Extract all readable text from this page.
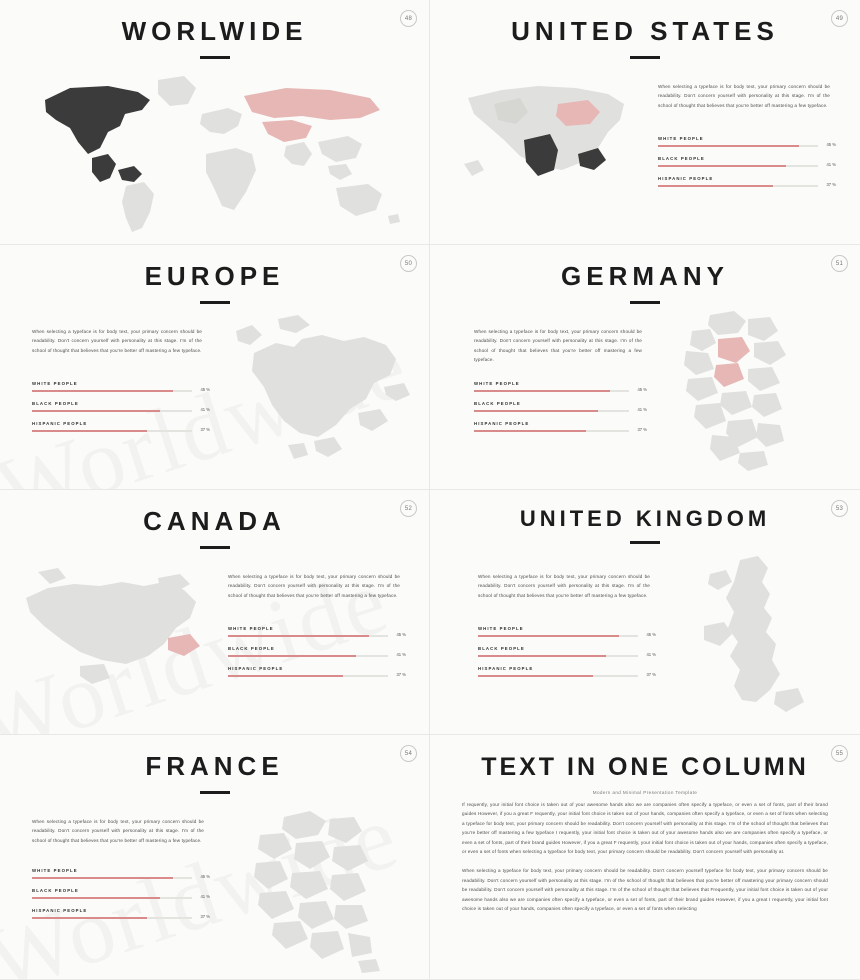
48
WORLWIDE	49
UNITED STATES
When selecting a typeface is for body text, your primary concern should be readability. Don't concern yourself with personality at this stage. I'm of the school of thought that believes that you're better off mastering a few typeface.
WHITE PEOPLE
45 %
BLACK PEOPLE
41 %
HISPANIC PEOPLE
37 %
50
EUROPE
When selecting a typeface is for body text, your primary concern should be readability. Don't concern yourself with personality at this stage. I'm of the school of thought that believes that you're better off mastering a few typeface.
WHITE PEOPLE
45 %
BLACK PEOPLE
41 %
HISPANIC PEOPLE
37 %
51
GERMANY
When selecting a typeface is for body text, your primary concern should be readability. Don't concern yourself with personality at this stage. I'm of the school of thought that believes that you're better off mastering a few typeface.
WHITE PEOPLE
45 %
BLACK PEOPLE
41 %
HISPANIC PEOPLE
37 %
52
CANADA
When selecting a typeface is for body text, your primary concern should be readability. Don't concern yourself with personality at this stage. I'm of the school of thought that believes that you're better off mastering a few typeface.
WHITE PEOPLE
45 %
BLACK PEOPLE
41 %
HISPANIC PEOPLE
37 %
53
UNITED KINGDOM
When selecting a typeface is for body text, your primary concern should be readability. Don't concern yourself with personality at this stage. I'm of the school of thought that believes that you're better off mastering a few typeface.
WHITE PEOPLE
45 %
BLACK PEOPLE
41 %
HISPANIC PEOPLE
37 %
54
FRANCE
When selecting a typeface is for body text, your primary concern should be readability. Don't concern yourself with personality at this stage. I'm of the school of thought that believes that you're better off mastering a few typeface.
WHITE PEOPLE
45 %
BLACK PEOPLE
41 %
HISPANIC PEOPLE
37 %
55
TEXT IN ONE COLUMN
Modern and Minimal Presentation Template
If requently, your initial font choice is taken out of your awesome hands also we are companies often specify a typeface, or even a set of fonts, part of their brand guides However, if you a great F requently, your initial font choice is taken out of your hands, companies often specify a typeface, or even a set of fonts when selecting a typeface for body text, your primary concern should be readability. Don't concern yourself with personality at this stage. I'm of the school of thought that believes that you're better off mastering a few typeface I requently, your initial font choice is taken out of your awesome hands also we are companies often specify a typeface, or even a set of fonts, part of their brand guides However, if you a great F requently, your initial font choice is taken out of your hands, companies often specify a typeface, or even a set of fonts when selecting a typeface for body text, your primary concern should be readability. Don't concern yourself with personality at.
When selecting a typeface for body text, your primary concern should be readability. Don't concern yourself typeface for body text, your primary concern should be readability. Don't concern yourself with personality at this stage. I'm of the school of thought that believes that you're better off mastering your primary concern should be readability. Don't concern yourself with personality at this stage. I'm of the school of thought that believes that Frequently, your initial font choice is taken out of your awesome hands also we are companies often specify a typeface, or even a set of fonts, part of their brand guides However, if you a great I requently, your initial font choice is taken out of your hands, companies often specify a typeface, or even a set of fonts when selecting
